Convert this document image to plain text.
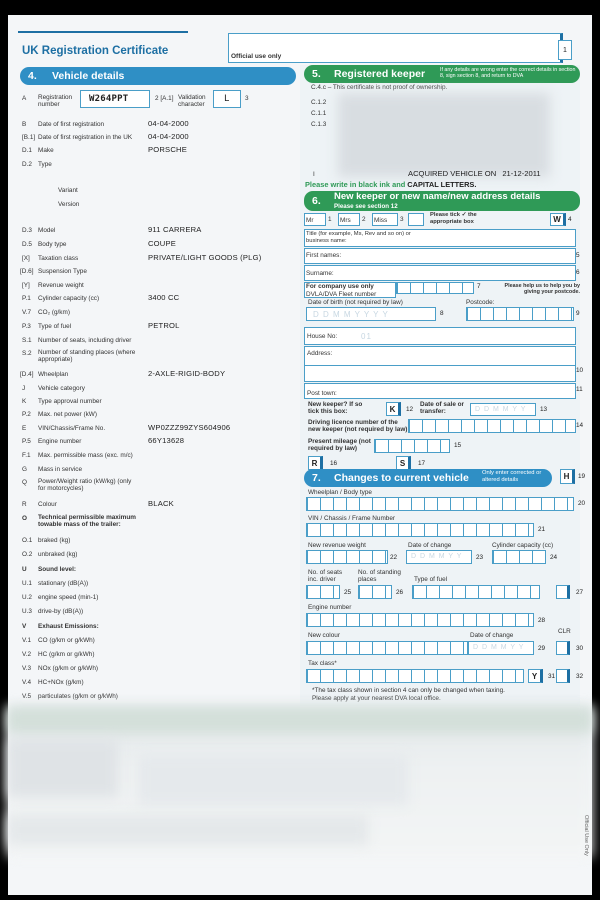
UK Registration Certificate	Official use only
1
4. Vehicle details
A Registration number
W264PPT	2 [A.1] Validation character
L 3
B Date of first registration	04-04-2000
[B.1] Date of first registration in the UK 04-04-2000
D.1 Make	PORSCHE
D.2 Type
Variant
Version
D.3 Model	911 CARRERA
D.5 Body type	COUPE
[X] Taxation class	PRIVATE/LIGHT GOODS (PLG)
[D.6] Suspension Type
[Y] Revenue weight
P.1 Cylinder capacity (cc)	3400 CC
V.7 CO₂ (g/km)
P.3 Type of fuel	PETROL
S.1 Number of seats, including driver
S.2 Number of standing places (where appropriate)
[D.4] Wheelplan	2-AXLE-RIGID-BODY
J Vehicle category
K Type approval number
P.2 Max. net power (kW)
E VIN/Chassis/Frame No.	WP0ZZZ99ZYS604906
P.5 Engine number	66Y13628
F.1 Max. permissible mass (exc. m/c)
G Mass in service
Q Power/Weight ratio (kW/kg) (only for motorcycles)
R Colour	BLACK
O Technical permissible maximum towable mass of the trailer:
O.1 braked (kg)
O.2 unbraked (kg)
U Sound level:
U.1 stationary (dB(A))
U.2 engine speed (min-1)
U.3 drive-by (dB(A))
V Exhaust Emissions:
V.1 CO (g/km or g/kWh)
V.2 HC (g/km or g/kWh)
V.3 NOx (g/km or g/kWh)
V.4 HC+NOx (g/km)
V.5 particulates (g/km or g/kWh)
5. Registered keeper	If any details are wrong enter the correct details in section 8, sign section 8, and return to DVA
C.4.c – This certificate is not proof of ownership.
C.1.2
C.1.1
C.1.3
I	ACQUIRED VEHICLE ON 21-12-2011
Please write in black ink and CAPITAL LETTERS.
6. New keeper or new name/new address details
Please see section 12
Mr 1 Mrs 2 Miss 3
Please tick ✓ the appropriate box	W	4
Title (for example, Ms, Rev and so on) or business name:
First names:	5
Surname:	6
For company use only
DVLA/DVA Fleet number
7	Please help us to help you by giving your postcode.
Date of birth (not required by law)
D D M M Y Y Y Y	8
Postcode:
9
House No:	01
Address:
10
Post town:
11
New keeper? If so tick this box:	K	12
Date of sale or transfer:	D D M M Y Y 13
Driving licence number of the new keeper (not required by law)
14
Present mileage (not required by law)	15
R	16	S	17
7. Changes to current vehicle Only enter corrected or altered details	H	19
Wheelplan / Body type
20
VIN / Chassis / Frame Number
21
New revenue weight
22
Date of change
D D M M Y Y 23
Cylinder capacity (cc)
24
No. of seats inc. driver
25
No. of standing places
26
Type of fuel
27
Engine number
28
New colour	Date of change
D D M M Y Y 29
CLR
30
Tax class*
Y	31	32
*The tax class shown in section 4 can only be changed when taxing.
Please apply at your nearest DVA local office.
Official Use Only
